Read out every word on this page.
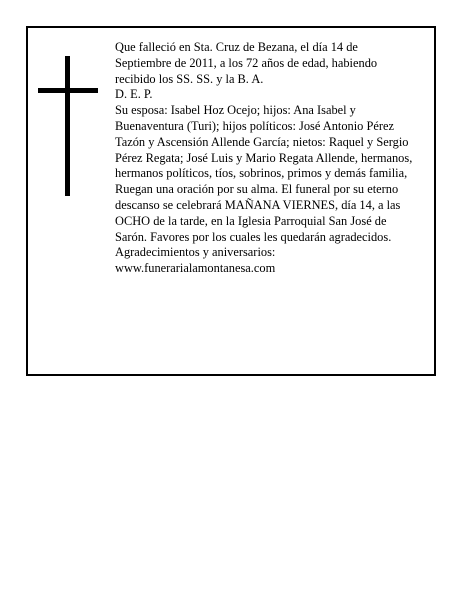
Que falleció en Sta. Cruz de Bezana, el día 14 de Septiembre de 2011, a los 72 años de edad, habiendo recibido los SS. SS. y la B. A.

D. E. P.

Su esposa: Isabel Hoz Ocejo; hijos: Ana Isabel y Buenaventura (Turi); hijos políticos: José Antonio Pérez Tazón y Ascensión Allende García; nietos: Raquel y Sergio Pérez Regata; José Luis y Mario Regata Allende, hermanos, hermanos políticos, tíos, sobrinos, primos y demás familia,

Ruegan una oración por su alma. El funeral por su eterno descanso se celebrará MAÑANA VIERNES, día 14, a las OCHO de la tarde, en la Iglesia Parroquial San José de Sarón. Favores por los cuales les quedarán agradecidos.

Agradecimientos y aniversarios:

www.funerarialamontanesa.com
